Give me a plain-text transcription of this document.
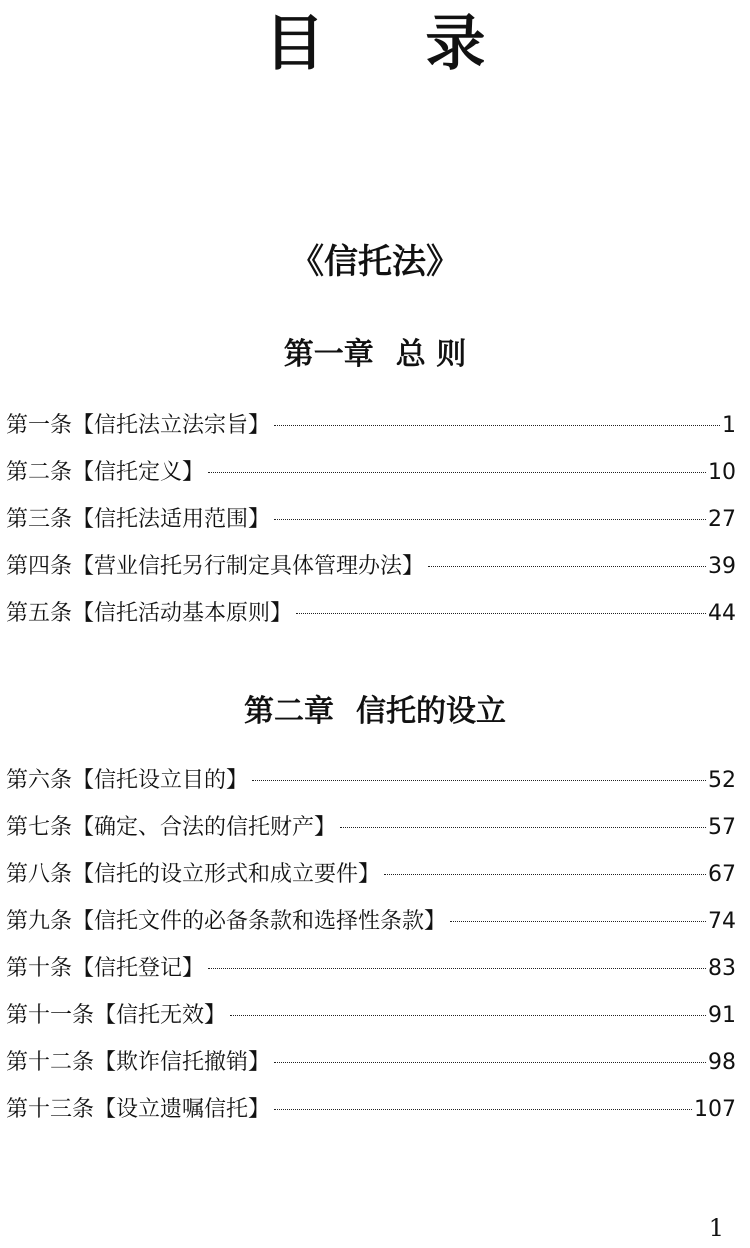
目 录
《信托法》
第一章 总 则
第一条 【信托法立法宗旨】	1
第二条 【信托定义】	10
第三条 【信托法适用范围】	27
第四条 【营业信托另行制定具体管理办法】	39
第五条 【信托活动基本原则】	44
第二章 信托的设立
第六条 【信托设立目的】	52
第七条 【确定、合法的信托财产】	57
第八条 【信托的设立形式和成立要件】	67
第九条 【信托文件的必备条款和选择性条款】	74
第十条 【信托登记】	83
第十一条 【信托无效】	91
第十二条 【欺诈信托撤销】	98
第十三条 【设立遗嘱信托】	107
1
